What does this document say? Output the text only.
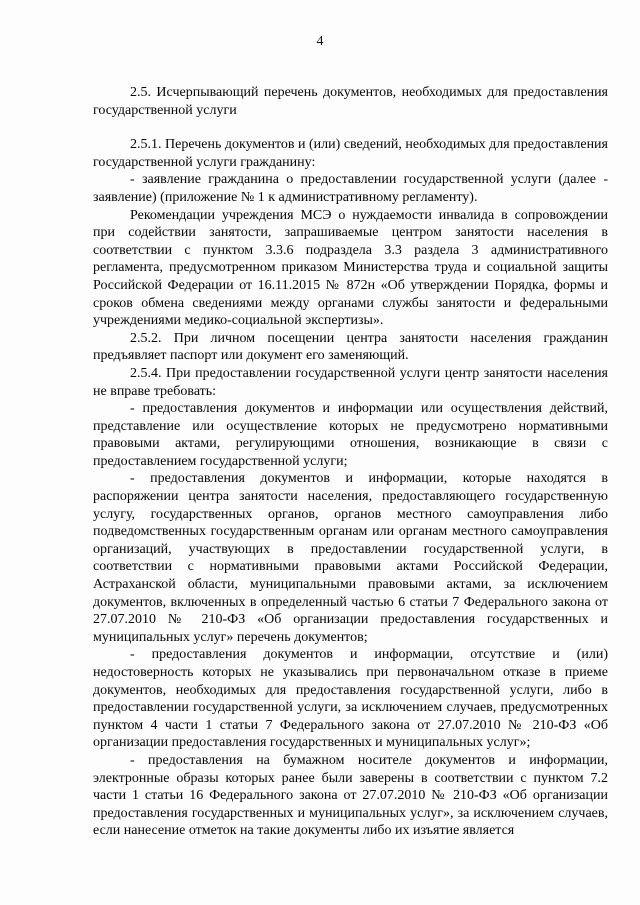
4

2.5. Исчерпывающий перечень документов, необходимых для предоставления государственной услуги

2.5.1. Перечень документов и (или) сведений, необходимых для предоставления государственной услуги гражданину:

- заявление гражданина о предоставлении государственной услуги (далее - заявление) (приложение № 1 к административному регламенту).

Рекомендации учреждения МСЭ о нуждаемости инвалида в сопровождении при содействии занятости, запрашиваемые центром занятости населения в соответствии с пунктом 3.3.6 подраздела 3.3 раздела 3 административного регламента, предусмотренном приказом Министерства труда и социальной защиты Российской Федерации от 16.11.2015 № 872н «Об утверждении Порядка, формы и сроков обмена сведениями между органами службы занятости и федеральными учреждениями медико-социальной экспертизы».

2.5.2. При личном посещении центра занятости населения гражданин предъявляет паспорт или документ его заменяющий.

2.5.4. При предоставлении государственной услуги центр занятости населения не вправе требовать:

- предоставления документов и информации или осуществления действий, представление или осуществление которых не предусмотрено нормативными правовыми актами, регулирующими отношения, возникающие в связи с предоставлением государственной услуги;

- предоставления документов и информации, которые находятся в распоряжении центра занятости населения, предоставляющего государственную услугу, государственных органов, органов местного самоуправления либо подведомственных государственным органам или органам местного самоуправления организаций, участвующих в предоставлении государственной услуги, в соответствии с нормативными правовыми актами Российской Федерации, Астраханской области, муниципальными правовыми актами, за исключением документов, включенных в определенный частью 6 статьи 7 Федерального закона от 27.07.2010 № 210-ФЗ «Об организации предоставления государственных и муниципальных услуг» перечень документов;

- предоставления документов и информации, отсутствие и (или) недостоверность которых не указывались при первоначальном отказе в приеме документов, необходимых для предоставления государственной услуги, либо в предоставлении государственной услуги, за исключением случаев, предусмотренных пунктом 4 части 1 статьи 7 Федерального закона от 27.07.2010 № 210-ФЗ «Об организации предоставления государственных и муниципальных услуг»;

- предоставления на бумажном носителе документов и информации, электронные образы которых ранее были заверены в соответствии с пунктом 7.2 части 1 статьи 16 Федерального закона от 27.07.2010 № 210-ФЗ «Об организации предоставления государственных и муниципальных услуг», за исключением случаев, если нанесение отметок на такие документы либо их изъятие является
